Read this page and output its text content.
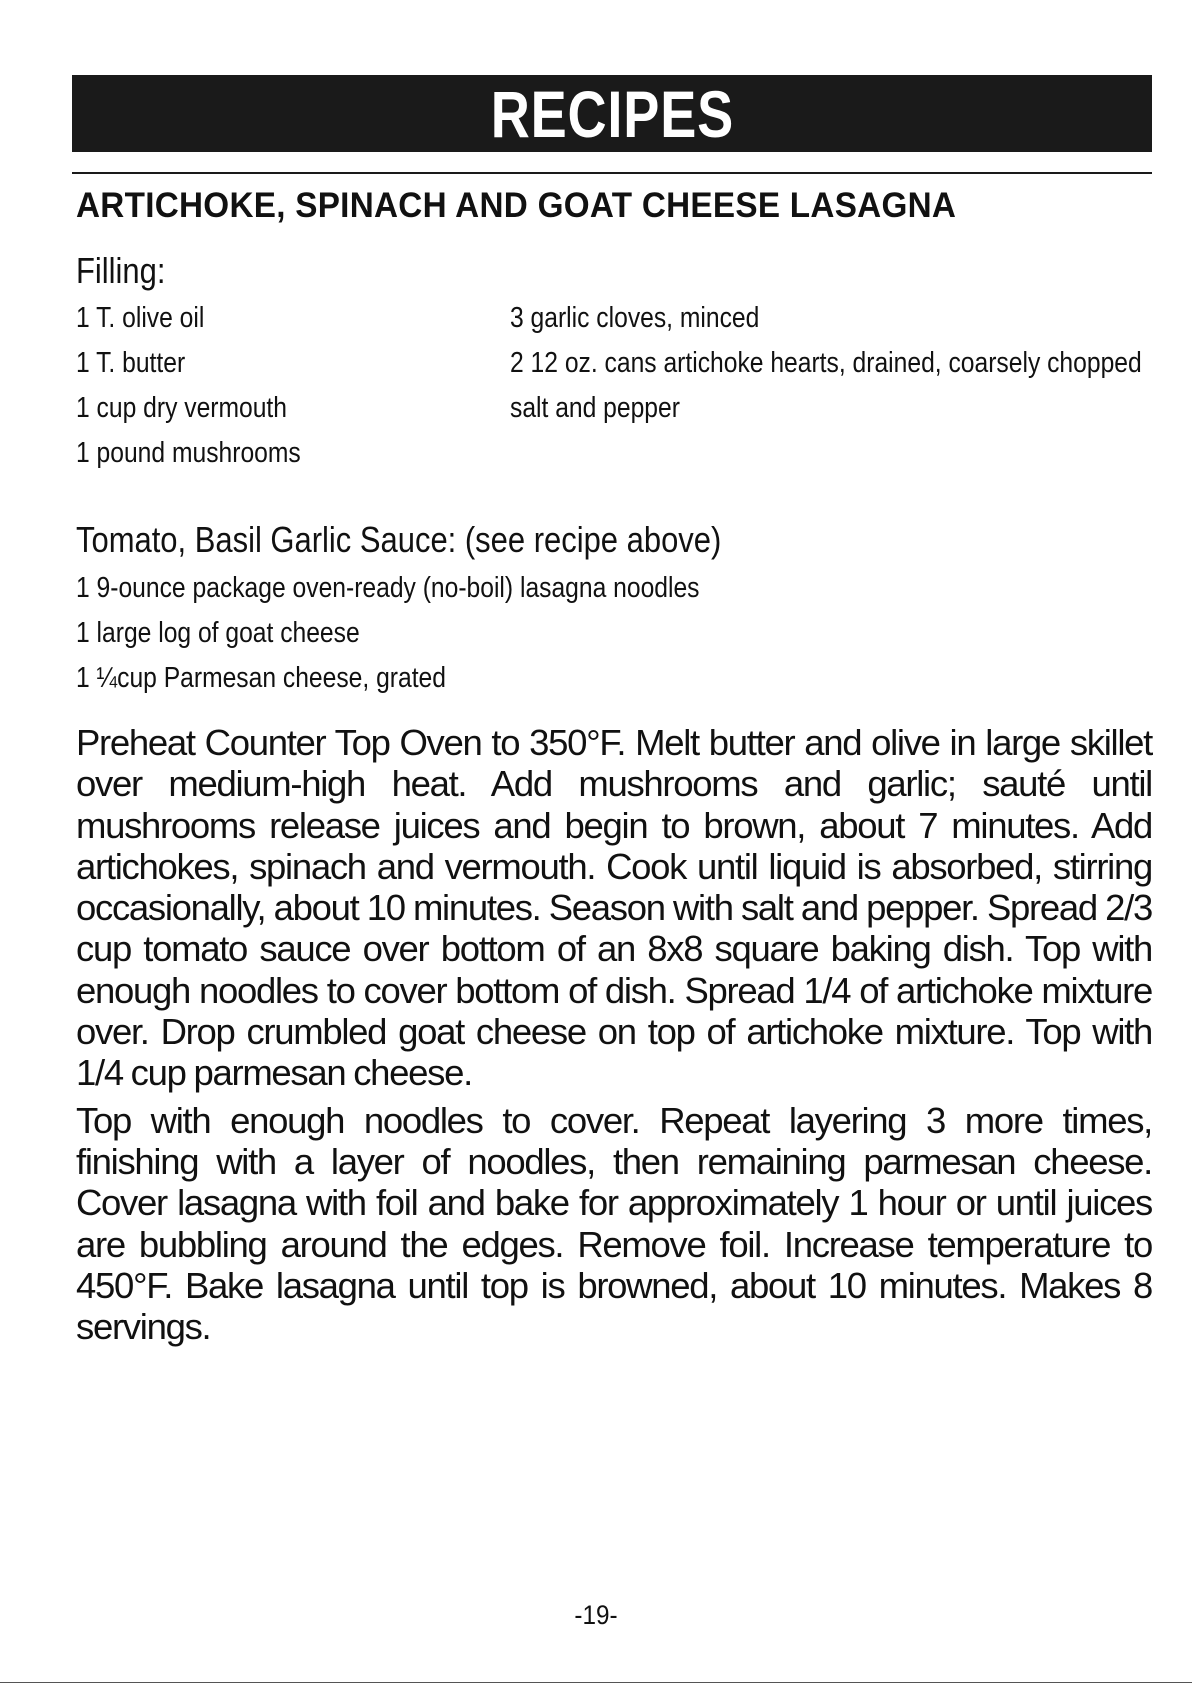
RECIPES
ARTICHOKE, SPINACH AND GOAT CHEESE LASAGNA
Filling:
1 T. olive oil
1 T. butter
1 cup dry vermouth
1 pound mushrooms
3 garlic cloves, minced
2 12 oz. cans artichoke hearts, drained, coarsely chopped
salt and pepper
Tomato, Basil Garlic Sauce: (see recipe above)
1 9-ounce package oven-ready (no-boil) lasagna noodles
1 large log of goat cheese
1 ¼cup Parmesan cheese, grated

Preheat Counter Top Oven to 350°F. Melt butter and olive in large skillet over medium-high heat. Add mushrooms and garlic; sauté until mushrooms release juices and begin to brown, about 7 minutes. Add artichokes, spinach and vermouth. Cook until liquid is absorbed, stirring occasionally, about 10 minutes. Season with salt and pepper. Spread 2/3 cup tomato sauce over bottom of an 8x8 square baking dish. Top with enough noodles to cover bottom of dish. Spread 1/4 of artichoke mixture over. Drop crumbled goat cheese on top of artichoke mixture. Top with 1/4 cup parmesan cheese.

Top with enough noodles to cover. Repeat layering 3 more times, finishing with a layer of noodles, then remaining parmesan cheese. Cover lasagna with foil and bake for approximately 1 hour or until juices are bubbling around the edges. Remove foil. Increase temperature to 450°F. Bake lasagna until top is browned, about 10 minutes. Makes 8 servings.

-19-
